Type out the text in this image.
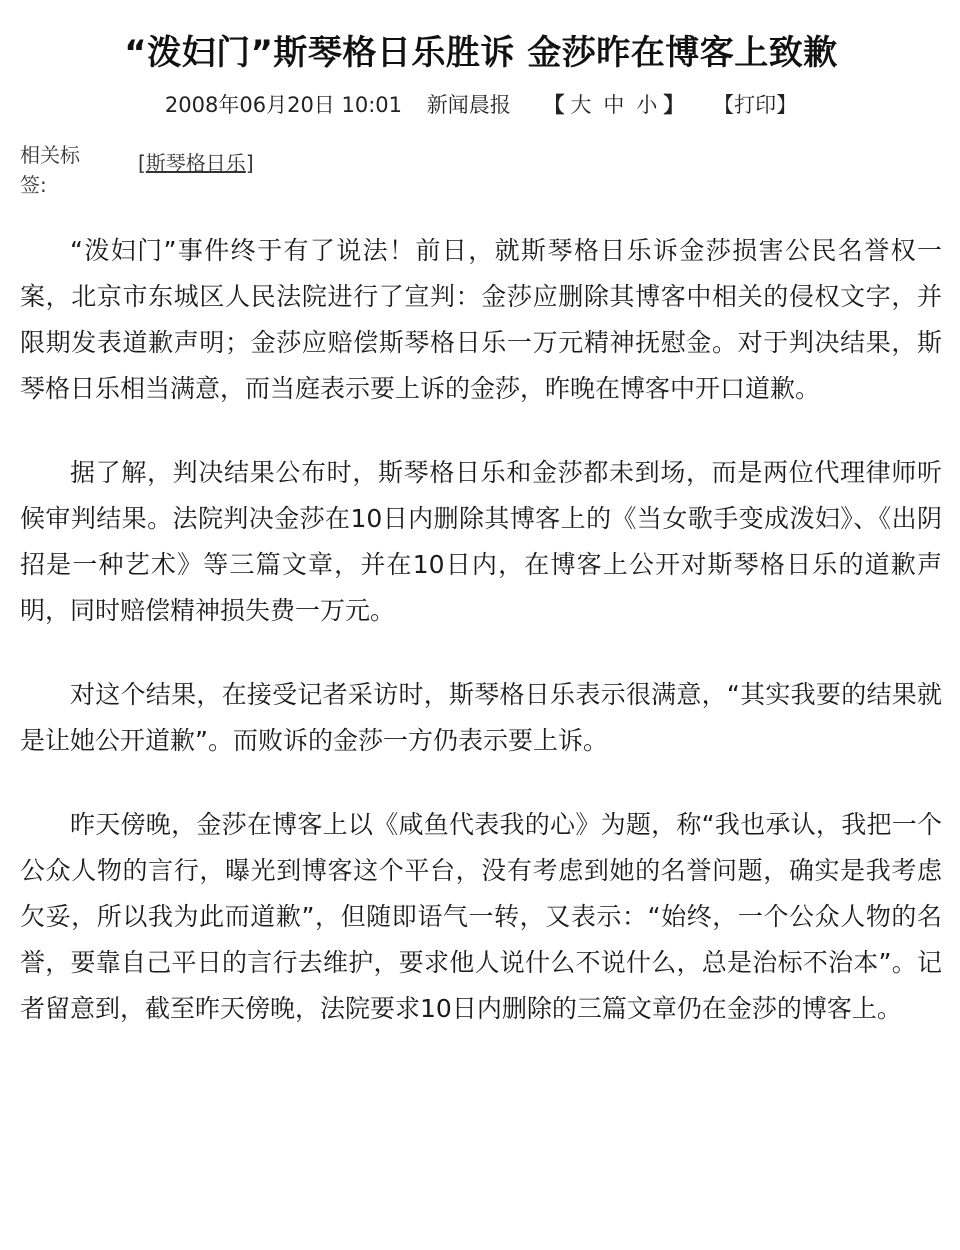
“泼妇门”斯琴格日乐胜诉 金莎昨在博客上致歉
2008年06月20日 10:01 新闻晨报 【 大 中 小 】 【打印】
相关标签:
[斯琴格日乐]

“泼妇门”事件终于有了说法！前日，就斯琴格日乐诉金莎损害公民名誉权一案，北京市东城区人民法院进行了宣判：金莎应删除其博客中相关的侵权文字，并限期发表道歉声明；金莎应赔偿斯琴格日乐一万元精神抚慰金。对于判决结果，斯琴格日乐相当满意，而当庭表示要上诉的金莎，昨晚在博客中开口道歉。

据了解，判决结果公布时，斯琴格日乐和金莎都未到场，而是两位代理律师听候审判结果。法院判决金莎在10日内删除其博客上的《当女歌手变成泼妇》、《出阴招是一种艺术》等三篇文章，并在10日内，在博客上公开对斯琴格日乐的道歉声明，同时赔偿精神损失费一万元。

对这个结果，在接受记者采访时，斯琴格日乐表示很满意，“其实我要的结果就是让她公开道歉”。而败诉的金莎一方仍表示要上诉。

昨天傍晚，金莎在博客上以《咸鱼代表我的心》为题，称“我也承认，我把一个公众人物的言行，曝光到博客这个平台，没有考虑到她的名誉问题，确实是我考虑欠妥，所以我为此而道歉”，但随即语气一转，又表示：“始终，一个公众人物的名誉，要靠自己平日的言行去维护，要求他人说什么不说什么，总是治标不治本”。记者留意到，截至昨天傍晚，法院要求10日内删除的三篇文章仍在金莎的博客上。
